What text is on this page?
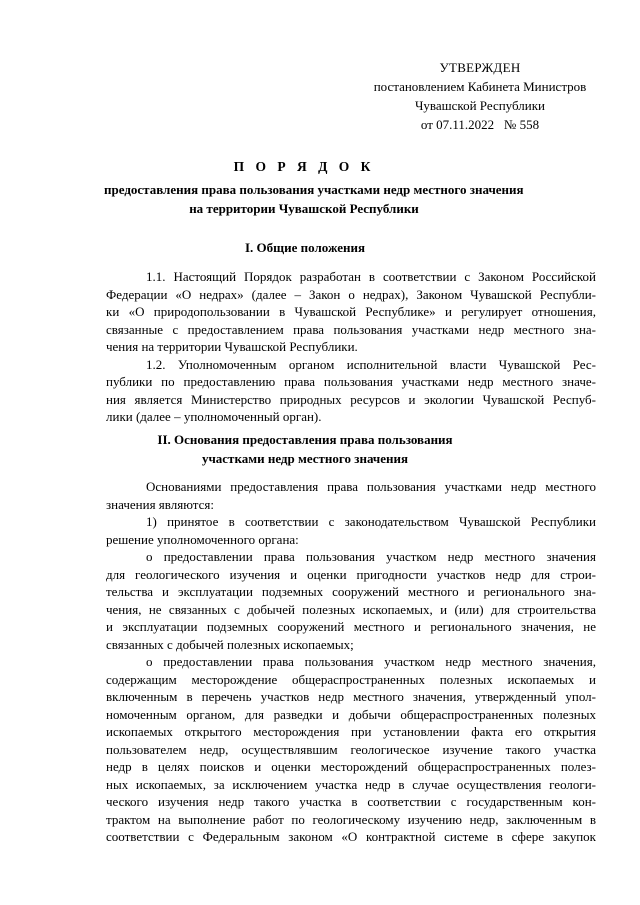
УТВЕРЖДЕН
постановлением Кабинета Министров
Чувашской Республики
от 07.11.2022   № 558
П О Р Я Д О К
предоставления права пользования участками недр местного значения
на территории Чувашской Республики
I. Общие положения
1.1. Настоящий Порядок разработан в соответствии с Законом Российской
Федерации «О недрах» (далее – Закон о недрах), Законом Чувашской Республи-
ки «О природопользовании в Чувашской Республике» и регулирует отношения,
связанные с предоставлением права пользования участками недр местного зна-
чения на территории Чувашской Республики.
1.2. Уполномоченным органом исполнительной власти Чувашской Рес-
публики по предоставлению права пользования участками недр местного значе-
ния является Министерство природных ресурсов и экологии Чувашской Респуб-
лики (далее – уполномоченный орган).
II. Основания предоставления права пользования
участками недр местного значения
Основаниями предоставления права пользования участками недр местного
значения являются:
1) принятое в соответствии с законодательством Чувашской Республики
решение уполномоченного органа:
о предоставлении права пользования участком недр местного значения
для геологического изучения и оценки пригодности участков недр для строи-
тельства и эксплуатации подземных сооружений местного и регионального зна-
чения, не связанных с добычей полезных ископаемых, и (или) для строительства
и эксплуатации подземных сооружений местного и регионального значения, не
связанных с добычей полезных ископаемых;
о предоставлении права пользования участком недр местного значения,
содержащим месторождение общераспространенных полезных ископаемых и
включенным в перечень участков недр местного значения, утвержденный упол-
номоченным органом, для разведки и добычи общераспространенных полезных
ископаемых открытого месторождения при установлении факта его открытия
пользователем недр, осуществлявшим геологическое изучение такого участка
недр в целях поисков и оценки месторождений общераспространенных полез-
ных ископаемых, за исключением участка недр в случае осуществления геологи-
ческого изучения недр такого участка в соответствии с государственным кон-
трактом на выполнение работ по геологическому изучению недр, заключенным в
соответствии с Федеральным законом «О контрактной системе в сфере закупок
